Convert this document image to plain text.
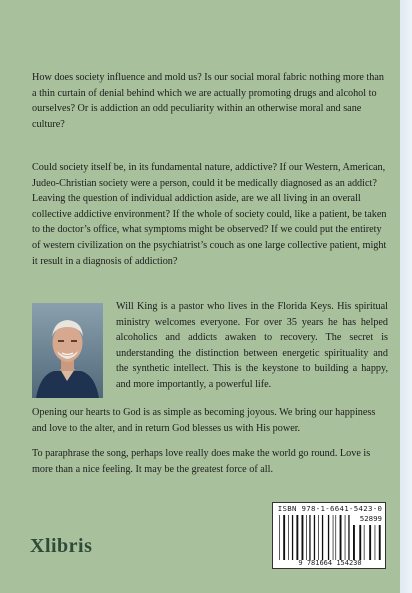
How does society influence and mold us? Is our social moral fabric nothing more than a thin curtain of denial behind which we are actually promoting drugs and alcohol to ourselves? Or is addiction an odd peculiarity within an otherwise moral and sane culture?

Could society itself be, in its fundamental nature, addictive? If our Western, American, Judeo-Christian society were a person, could it be medically diagnosed as an addict? Leaving the question of individual addiction aside, are we all living in an overall collective addictive environment? If the whole of society could, like a patient, be taken to the doctor’s office, what symptoms might be observed? If we could put the entirety of western civilization on the psychiatrist’s couch as one large collective patient, might it result in a diagnosis of addiction?

Will King is a pastor who lives in the Florida Keys. His spiritual ministry welcomes everyone. For over 35 years he has helped alcoholics and addicts awaken to recovery. The secret is understanding the distinction between energetic spirituality and the synthetic intellect. This is the keystone to building a happy, and more importantly, a powerful life.

Opening our hearts to God is as simple as becoming joyous. We bring our happiness and love to the alter, and in return God blesses us with His power.

To paraphrase the song, perhaps love really does make the world go round. Love is more than a nice feeling. It may be the greatest force of all.

Xlibris
ISBN 978-1-6641-5423-0
52899
9 781664 154230
